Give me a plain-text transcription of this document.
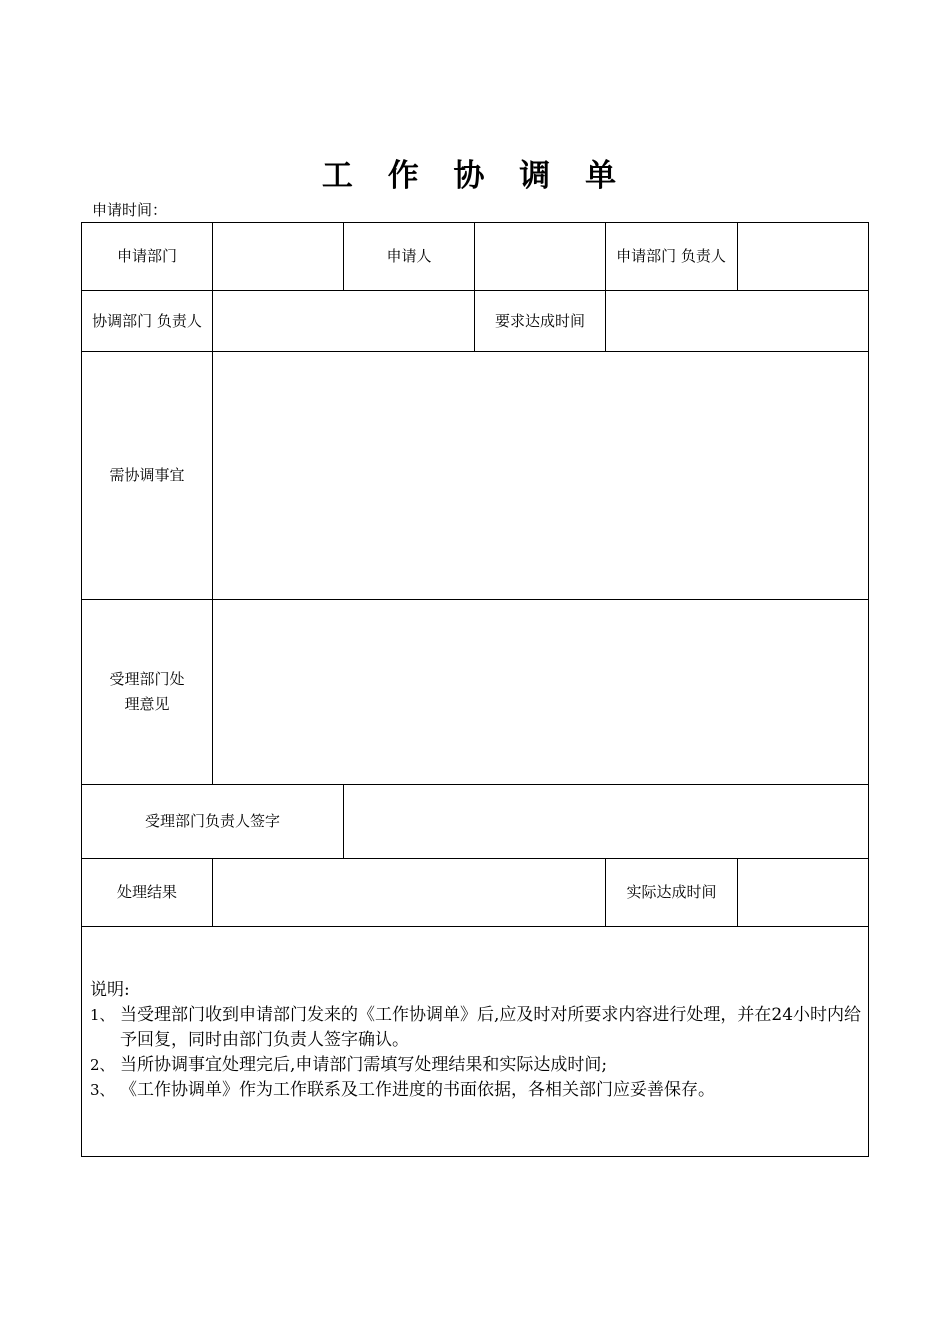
工 作 协 调 单
申请时间：
申请部门	申请人	申请部门 负责人
协调部门 负责人	要求达成时间
需协调事宜
受理部门处理意见
受理部门负责人签字
处理结果	实际达成时间
说明:
1、 当受理部门收到申请部门发来的《工作协调单》后,应及时对所要求内容进行处理，并在24小时内给予回复，同时由部门负责人签字确认。
2、 当所协调事宜处理完后,申请部门需填写处理结果和实际达成时间;
3、 《工作协调单》作为工作联系及工作进度的书面依据，各相关部门应妥善保存。
